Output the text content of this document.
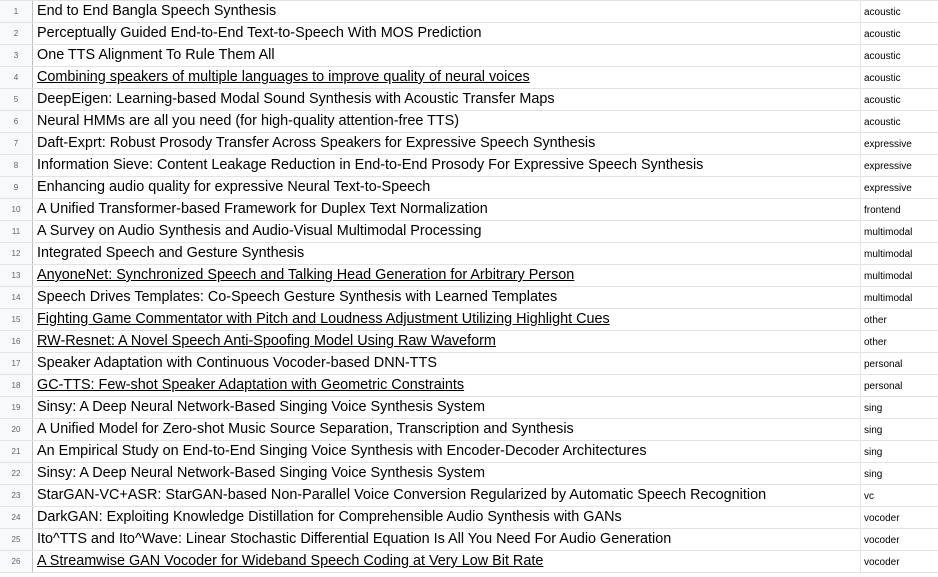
1	End to End Bangla Speech Synthesis	acoustic
2	Perceptually Guided End-to-End Text-to-Speech With MOS Prediction	acoustic
3	One TTS Alignment To Rule Them All	acoustic
4	Combining speakers of multiple languages to improve quality of neural voices	acoustic
5	DeepEigen: Learning-based Modal Sound Synthesis with Acoustic Transfer Maps	acoustic
6	Neural HMMs are all you need (for high-quality attention-free TTS)	acoustic
7	Daft-Exprt: Robust Prosody Transfer Across Speakers for Expressive Speech Synthesis	expressive
8	Information Sieve: Content Leakage Reduction in End-to-End Prosody For Expressive Speech Synthesis	expressive
9	Enhancing audio quality for expressive Neural Text-to-Speech	expressive
10	A Unified Transformer-based Framework for Duplex Text Normalization	frontend
11	A Survey on Audio Synthesis and Audio-Visual Multimodal Processing	multimodal
12	Integrated Speech and Gesture Synthesis	multimodal
13	AnyoneNet: Synchronized Speech and Talking Head Generation for Arbitrary Person	multimodal
14	Speech Drives Templates: Co-Speech Gesture Synthesis with Learned Templates	multimodal
15	Fighting Game Commentator with Pitch and Loudness Adjustment Utilizing Highlight Cues	other
16	RW-Resnet: A Novel Speech Anti-Spoofing Model Using Raw Waveform	other
17	Speaker Adaptation with Continuous Vocoder-based DNN-TTS	personal
18	GC-TTS: Few-shot Speaker Adaptation with Geometric Constraints	personal
19	Sinsy: A Deep Neural Network-Based Singing Voice Synthesis System	sing
20	A Unified Model for Zero-shot Music Source Separation, Transcription and Synthesis	sing
21	An Empirical Study on End-to-End Singing Voice Synthesis with Encoder-Decoder Architectures	sing
22	Sinsy: A Deep Neural Network-Based Singing Voice Synthesis System	sing
23	StarGAN-VC+ASR: StarGAN-based Non-Parallel Voice Conversion Regularized by Automatic Speech Recognition	vc
24	DarkGAN: Exploiting Knowledge Distillation for Comprehensible Audio Synthesis with GANs	vocoder
25	Ito^TTS and Ito^Wave: Linear Stochastic Differential Equation Is All You Need For Audio Generation	vocoder
26	A Streamwise GAN Vocoder for Wideband Speech Coding at Very Low Bit Rate	vocoder
